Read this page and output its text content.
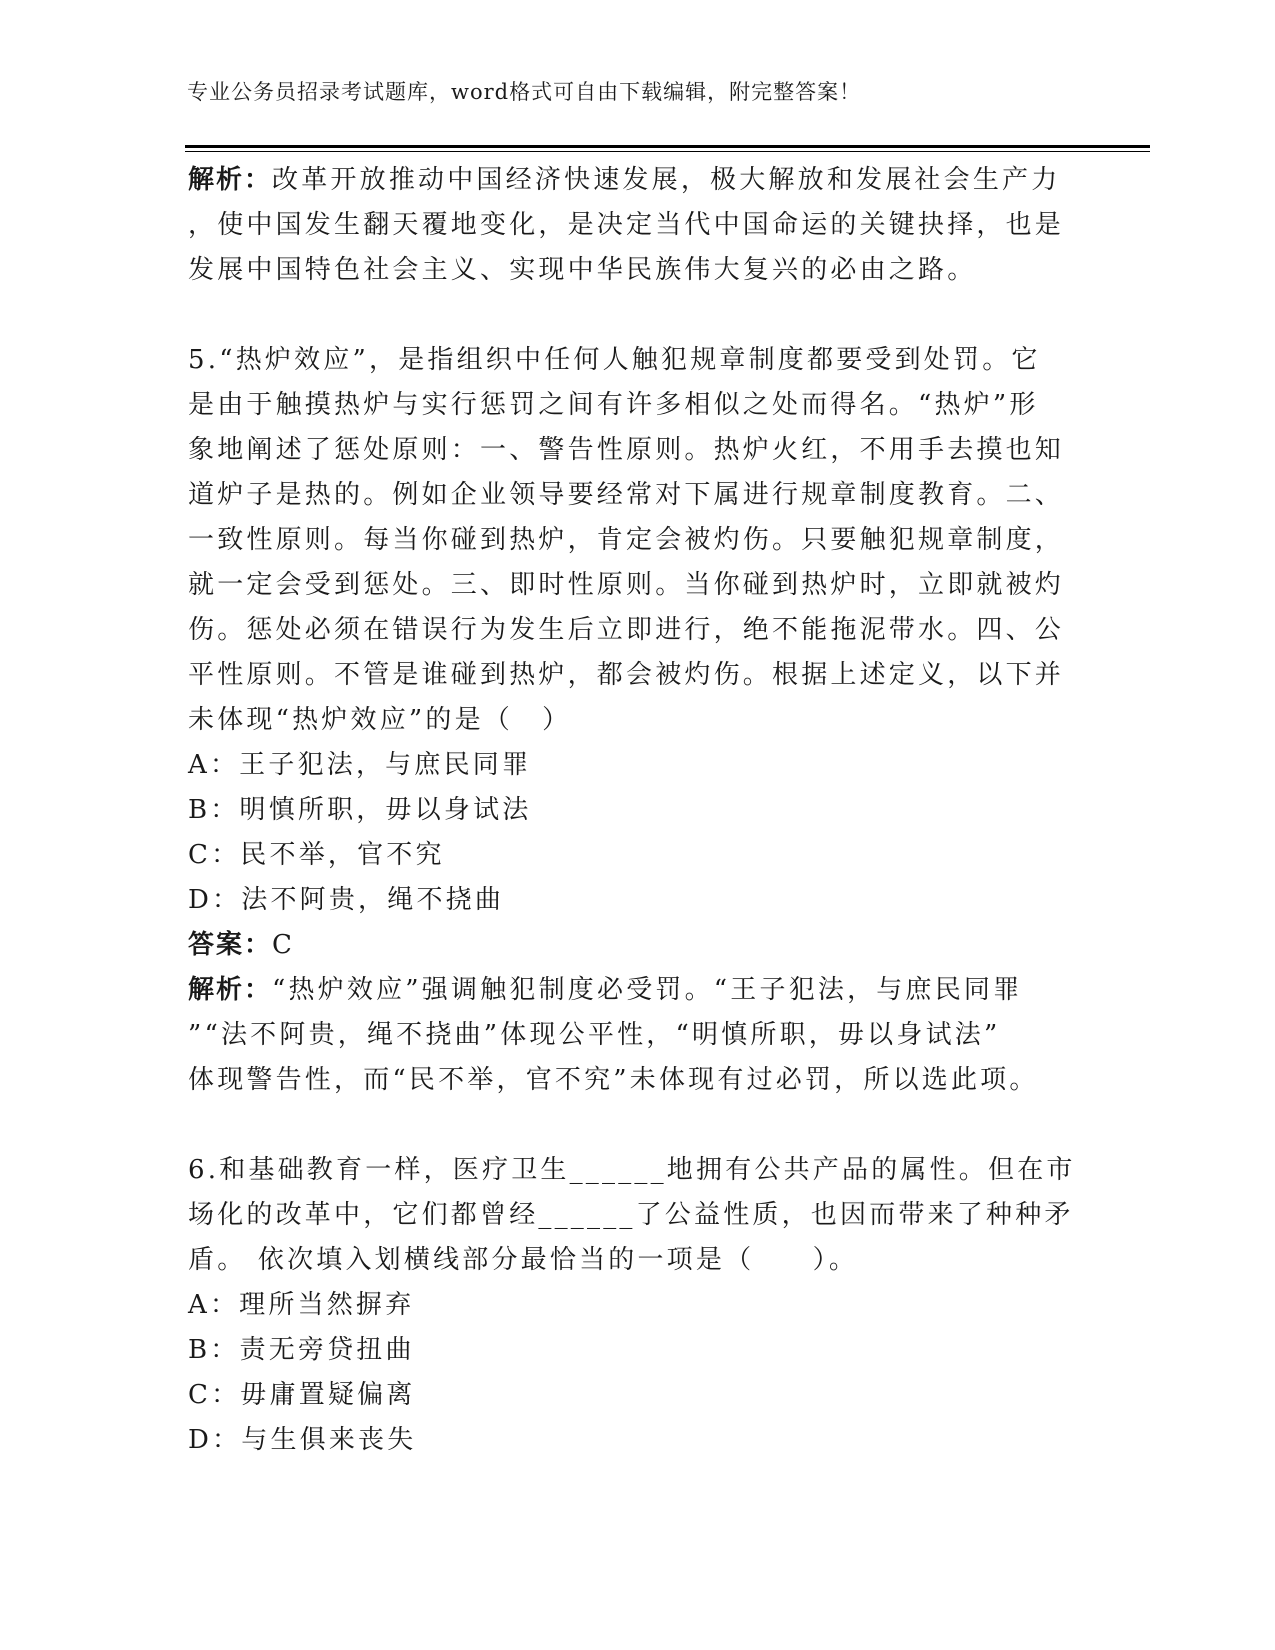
专业公务员招录考试题库，word格式可自由下载编辑，附完整答案！

解析：改革开放推动中国经济快速发展，极大解放和发展社会生产力

，使中国发生翻天覆地变化，是决定当代中国命运的关键抉择，也是

发展中国特色社会主义、实现中华民族伟大复兴的必由之路。

5.“热炉效应”，是指组织中任何人触犯规章制度都要受到处罚。它

是由于触摸热炉与实行惩罚之间有许多相似之处而得名。“热炉”形

象地阐述了惩处原则：一、警告性原则。热炉火红，不用手去摸也知

道炉子是热的。例如企业领导要经常对下属进行规章制度教育。二、

一致性原则。每当你碰到热炉，肯定会被灼伤。只要触犯规章制度，

就一定会受到惩处。三、即时性原则。当你碰到热炉时，立即就被灼

伤。惩处必须在错误行为发生后立即进行，绝不能拖泥带水。四、公

平性原则。不管是谁碰到热炉，都会被灼伤。根据上述定义，以下并

未体现“热炉效应”的是（　）

A：王子犯法，与庶民同罪

B：明慎所职，毋以身试法

C：民不举，官不究

D：法不阿贵，绳不挠曲

答案：C

解析：“热炉效应”强调触犯制度必受罚。“王子犯法，与庶民同罪

”“法不阿贵，绳不挠曲”体现公平性，“明慎所职，毋以身试法”

体现警告性，而“民不举，官不究”未体现有过必罚，所以选此项。

6.和基础教育一样，医疗卫生______地拥有公共产品的属性。但在市

场化的改革中，它们都曾经______了公益性质，也因而带来了种种矛

盾。 依次填入划横线部分最恰当的一项是（　　）。

A：理所当然摒弃

B：责无旁贷扭曲

C：毋庸置疑偏离

D：与生俱来丧失
